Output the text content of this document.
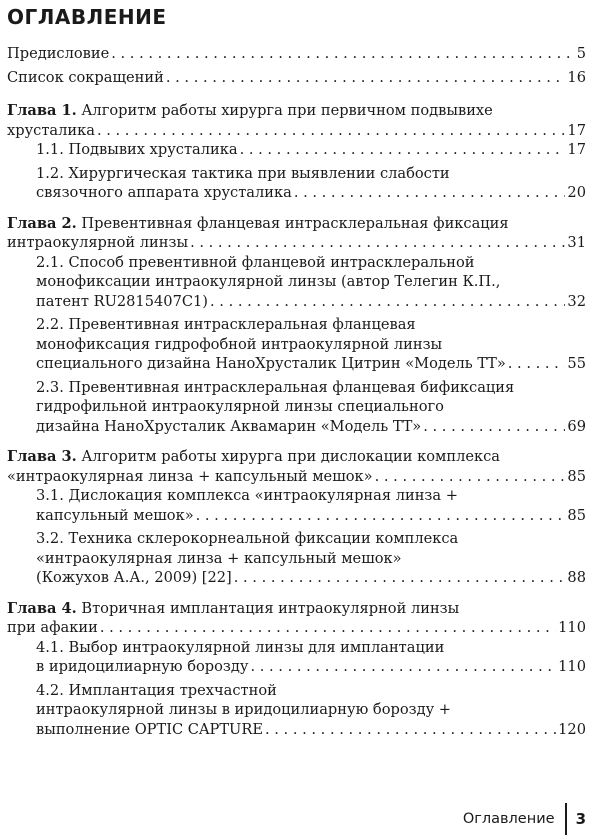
ОГЛАВЛЕНИЕ
Предисловие . . .	5
Список сокращений . . .	16
Глава 1. Алгоритм работы хирурга при первичном подвывихе
хрусталика . . .	17
1.1. Подвывих хрусталика . . .	17
1.2. Хирургическая тактика при выявлении слабости
связочного аппарата хрусталика . . .	20
Глава 2. Превентивная фланцевая интрасклеральная фиксация
интраокулярной линзы . . .	31
2.1. Способ превентивной фланцевой интрасклеральной
монофиксации интраокулярной линзы (автор Телегин К.П.,
патент RU2815407C1) . . .	32
2.2. Превентивная интрасклеральная фланцевая
монофиксация гидрофобной интраокулярной линзы
специального дизайна НаноХрусталик Цитрин «Модель ТТ» . . .	55
2.3. Превентивная интрасклеральная фланцевая бификсация
гидрофильной интраокулярной линзы специального
дизайна НаноХрусталик Аквамарин «Модель ТТ» . . .	69
Глава 3. Алгоритм работы хирурга при дислокации комплекса
«интраокулярная линза + капсульный мешок» . . .	85
3.1. Дислокация комплекса «интраокулярная линза +
капсульный мешок» . . .	85
3.2. Техника склерокорнеальной фиксации комплекса
«интраокулярная линза + капсульный мешок»
(Кожухов А.А., 2009) [22] . . .	88
Глава 4. Вторичная имплантация интраокулярной линзы
при афакии . . .	110
4.1. Выбор интраокулярной линзы для имплантации
в иридоцилиарную борозду . . .	110
4.2. Имплантация трехчастной
интраокулярной линзы в иридоцилиарную борозду +
выполнение OPTIC CAPTURE . . .	120
Оглавление 3
